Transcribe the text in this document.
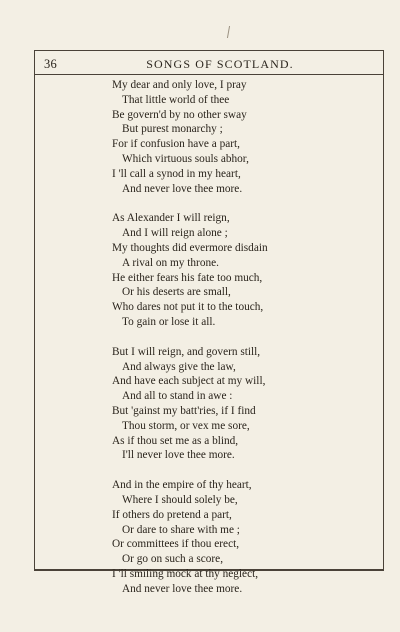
36	SONGS OF SCOTLAND.
My dear and only love, I pray
That little world of thee
Be govern'd by no other sway
But purest monarchy ;
For if confusion have a part,
Which virtuous souls abhor,
I 'll call a synod in my heart,
And never love thee more.
As Alexander I will reign,
And I will reign alone ;
My thoughts did evermore disdain
A rival on my throne.
He either fears his fate too much,
Or his deserts are small,
Who dares not put it to the touch,
To gain or lose it all.
But I will reign, and govern still,
And always give the law,
And have each subject at my will,
And all to stand in awe :
But 'gainst my batt'ries, if I find
Thou storm, or vex me sore,
As if thou set me as a blind,
I'll never love thee more.
And in the empire of thy heart,
Where I should solely be,
If others do pretend a part,
Or dare to share with me ;
Or committees if thou erect,
Or go on such a score,
I 'll smiling mock at thy neglect,
And never love thee more.
